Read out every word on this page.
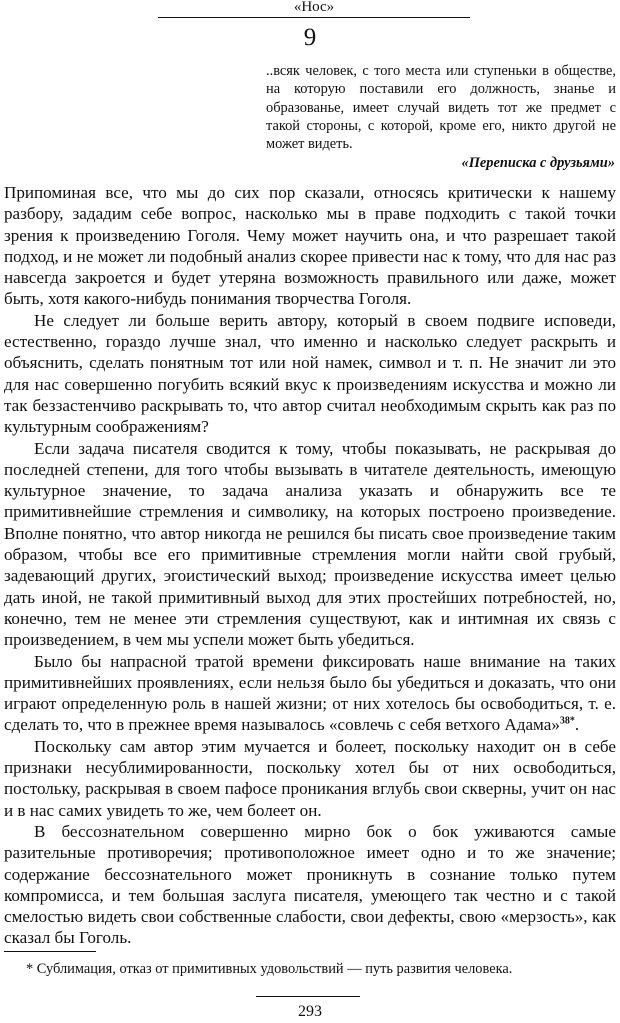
«Нос»
9
..всяк человек, с того места или ступеньки в обществе, на которую поставили его должность, знанье и образованье, имеет случай видеть тот же предмет с такой стороны, с которой, кроме его, никто другой не может видеть.
«Переписка с друзьями»

Припоминая все, что мы до сих пор сказали, относясь критически к нашему разбору, зададим себе вопрос, насколько мы в праве подходить с такой точки зрения к произведению Гоголя. Чему может научить она, и что разрешает такой подход, и не может ли подобный анализ скорее привести нас к тому, что для нас раз навсегда закроется и будет утеряна возможность правильного или даже, может быть, хотя какого-нибудь понимания творчества Гоголя.

Не следует ли больше верить автору, который в своем подвиге исповеди, естественно, гораздо лучше знал, что именно и насколько следует раскрыть и объяснить, сделать понятным тот или ной намек, символ и т. п. Не значит ли это для нас совершенно погубить всякий вкус к произведениям искусства и можно ли так беззастенчиво раскрывать то, что автор считал необходимым скрыть как раз по культурным соображениям?

Если задача писателя сводится к тому, чтобы показывать, не раскрывая до последней степени, для того чтобы вызывать в читателе деятельность, имеющую культурное значение, то задача анализа указать и обнаружить все те примитивнейшие стремления и символику, на которых построено произведение. Вполне понятно, что автор никогда не решился бы писать свое произведение таким образом, чтобы все его примитивные стремления могли найти свой грубый, задевающий других, эгоистический выход; произведение искусства имеет целью дать иной, не такой примитивный выход для этих простейших потребностей, но, конечно, тем не менее эти стремления существуют, как и интимная их связь с произведением, в чем мы успели может быть убедиться.

Было бы напрасной тратой времени фиксировать наше внимание на таких примитивнейших проявлениях, если нельзя было бы убедиться и доказать, что они играют определенную роль в нашей жизни; от них хотелось бы освободиться, т. е. сделать то, что в прежнее время называлось «совлечь с себя ветхого Адама»$^{38*}$.

Поскольку сам автор этим мучается и болеет, поскольку находит он в себе признаки несублимированности, поскольку хотел бы от них освободиться, постольку, раскрывая в своем пафосе проникания вглубь свои скверны, учит он нас и в нас самих увидеть то же, чем болеет он.

В бессознательном совершенно мирно бок о бок уживаются самые разительные противоречия; противоположное имеет одно и то же значение; содержание бессознательного может проникнуть в сознание только путем компромисса, и тем большая заслуга писателя, умеющего так честно и с такой смелостью видеть свои собственные слабости, свои дефекты, свою «мерзость», как сказал бы Гоголь.

* Сублимация, отказ от примитивных удовольствий — путь развития человека.
293
